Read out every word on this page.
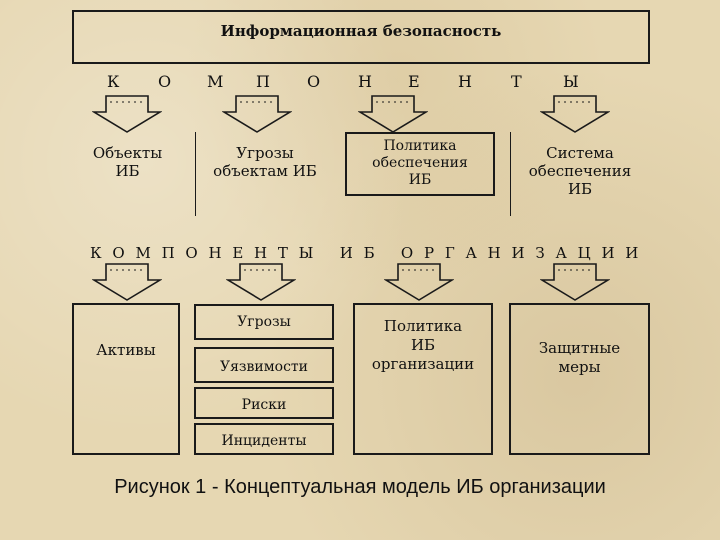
Информационная безопасность
К О М П О Н Е Н Т	Ы
Объекты
ИБ
Угрозы
объектам ИБ
Политика
обеспечения
ИБ
Система
обеспечения
ИБ
К О М П О Н Е Н Т Ы   И Б   О Р Г А Н И З А Ц И И
Активы
Угрозы
Уязвимости
Риски
Инциденты
Политика
ИБ
организации
Защитные
меры
Рисунок 1 - Концептуальная модель ИБ организации
